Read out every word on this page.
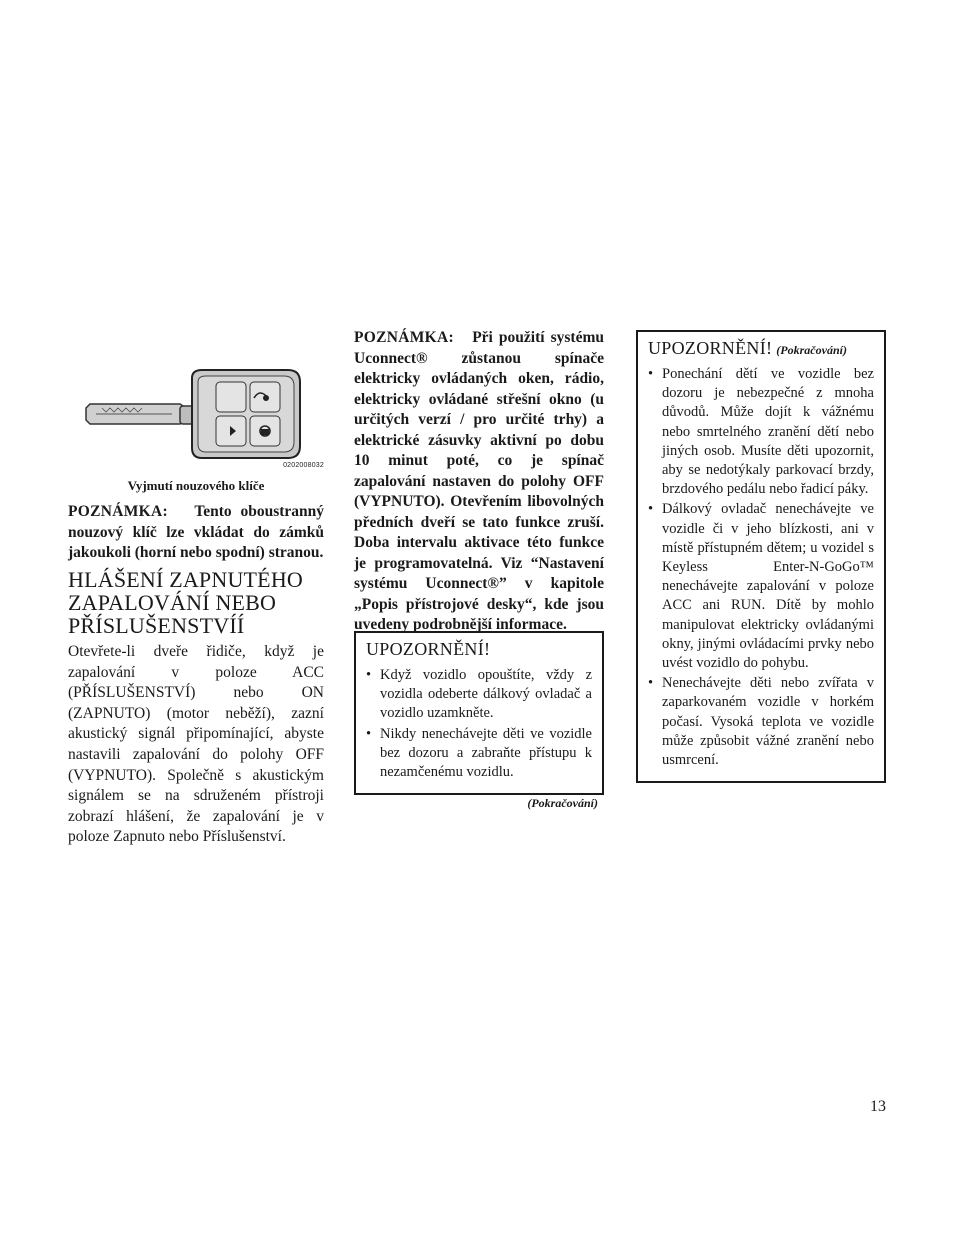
0202008032
Vyjmutí nouzového klíče

POZNÁMKA: Tento oboustranný nouzový klíč lze vkládat do zámků jakoukoli (horní nebo spodní) stranou.

HLÁŠENÍ ZAPNUTÉHO
ZAPALOVÁNÍ NEBO
PŘÍSLUŠENSTVÍÍ

Otevřete-li dveře řidiče, když je zapalování v poloze ACC (PŘÍSLUŠENSTVÍ) nebo ON (ZAPNUTO) (motor neběží), zazní akustický signál připomínající, abyste nastavili zapalování do polohy OFF (VYPNUTO). Společně s akustickým signálem se na sdruženém přístroji zobrazí hlášení, že zapalování je v poloze Zapnuto nebo Příslušenství.

POZNÁMKA: Při použití systému Uconnect® zůstanou spínače elektricky ovládaných oken, rádio, elektricky ovládané střešní okno (u určitých verzí / pro určité trhy) a elektrické zásuvky aktivní po dobu 10 minut poté, co je spínač zapalování nastaven do polohy OFF (VYPNUTO). Otevřením libovolných předních dveří se tato funkce zruší. Doba intervalu aktivace této funkce je programovatelná. Viz “Nastavení systému Uconnect®” v kapitole „Popis přístrojové desky“, kde jsou uvedeny podrobnější informace.

UPOZORNĚNÍ!
• Když vozidlo opouštíte, vždy z vozidla odeberte dálkový ovladač a vozidlo uzamkněte.
• Nikdy nenechávejte děti ve vozidle bez dozoru a zabraňte přístupu k nezamčenému vozidlu.
(Pokračování)
UPOZORNĚNÍ! (Pokračování)
• Ponechání dětí ve vozidle bez dozoru je nebezpečné z mnoha důvodů. Může dojít k vážnému nebo smrtelného zranění dětí nebo jiných osob. Musíte děti upozornit, aby se nedotýkaly parkovací brzdy, brzdového pedálu nebo řadicí páky.
• Dálkový ovladač nenechávejte ve vozidle či v jeho blízkosti, ani v místě přístupném dětem; u vozidel s Keyless Enter-N-GoGo™ nenechávejte zapalování v poloze ACC ani RUN. Dítě by mohlo manipulovat elektricky ovládanými okny, jinými ovládacími prvky nebo uvést vozidlo do pohybu.
• Nenechávejte děti nebo zvířata v zaparkovaném vozidle v horkém počasí. Vysoká teplota ve vozidle může způsobit vážné zranění nebo usmrcení.
13
